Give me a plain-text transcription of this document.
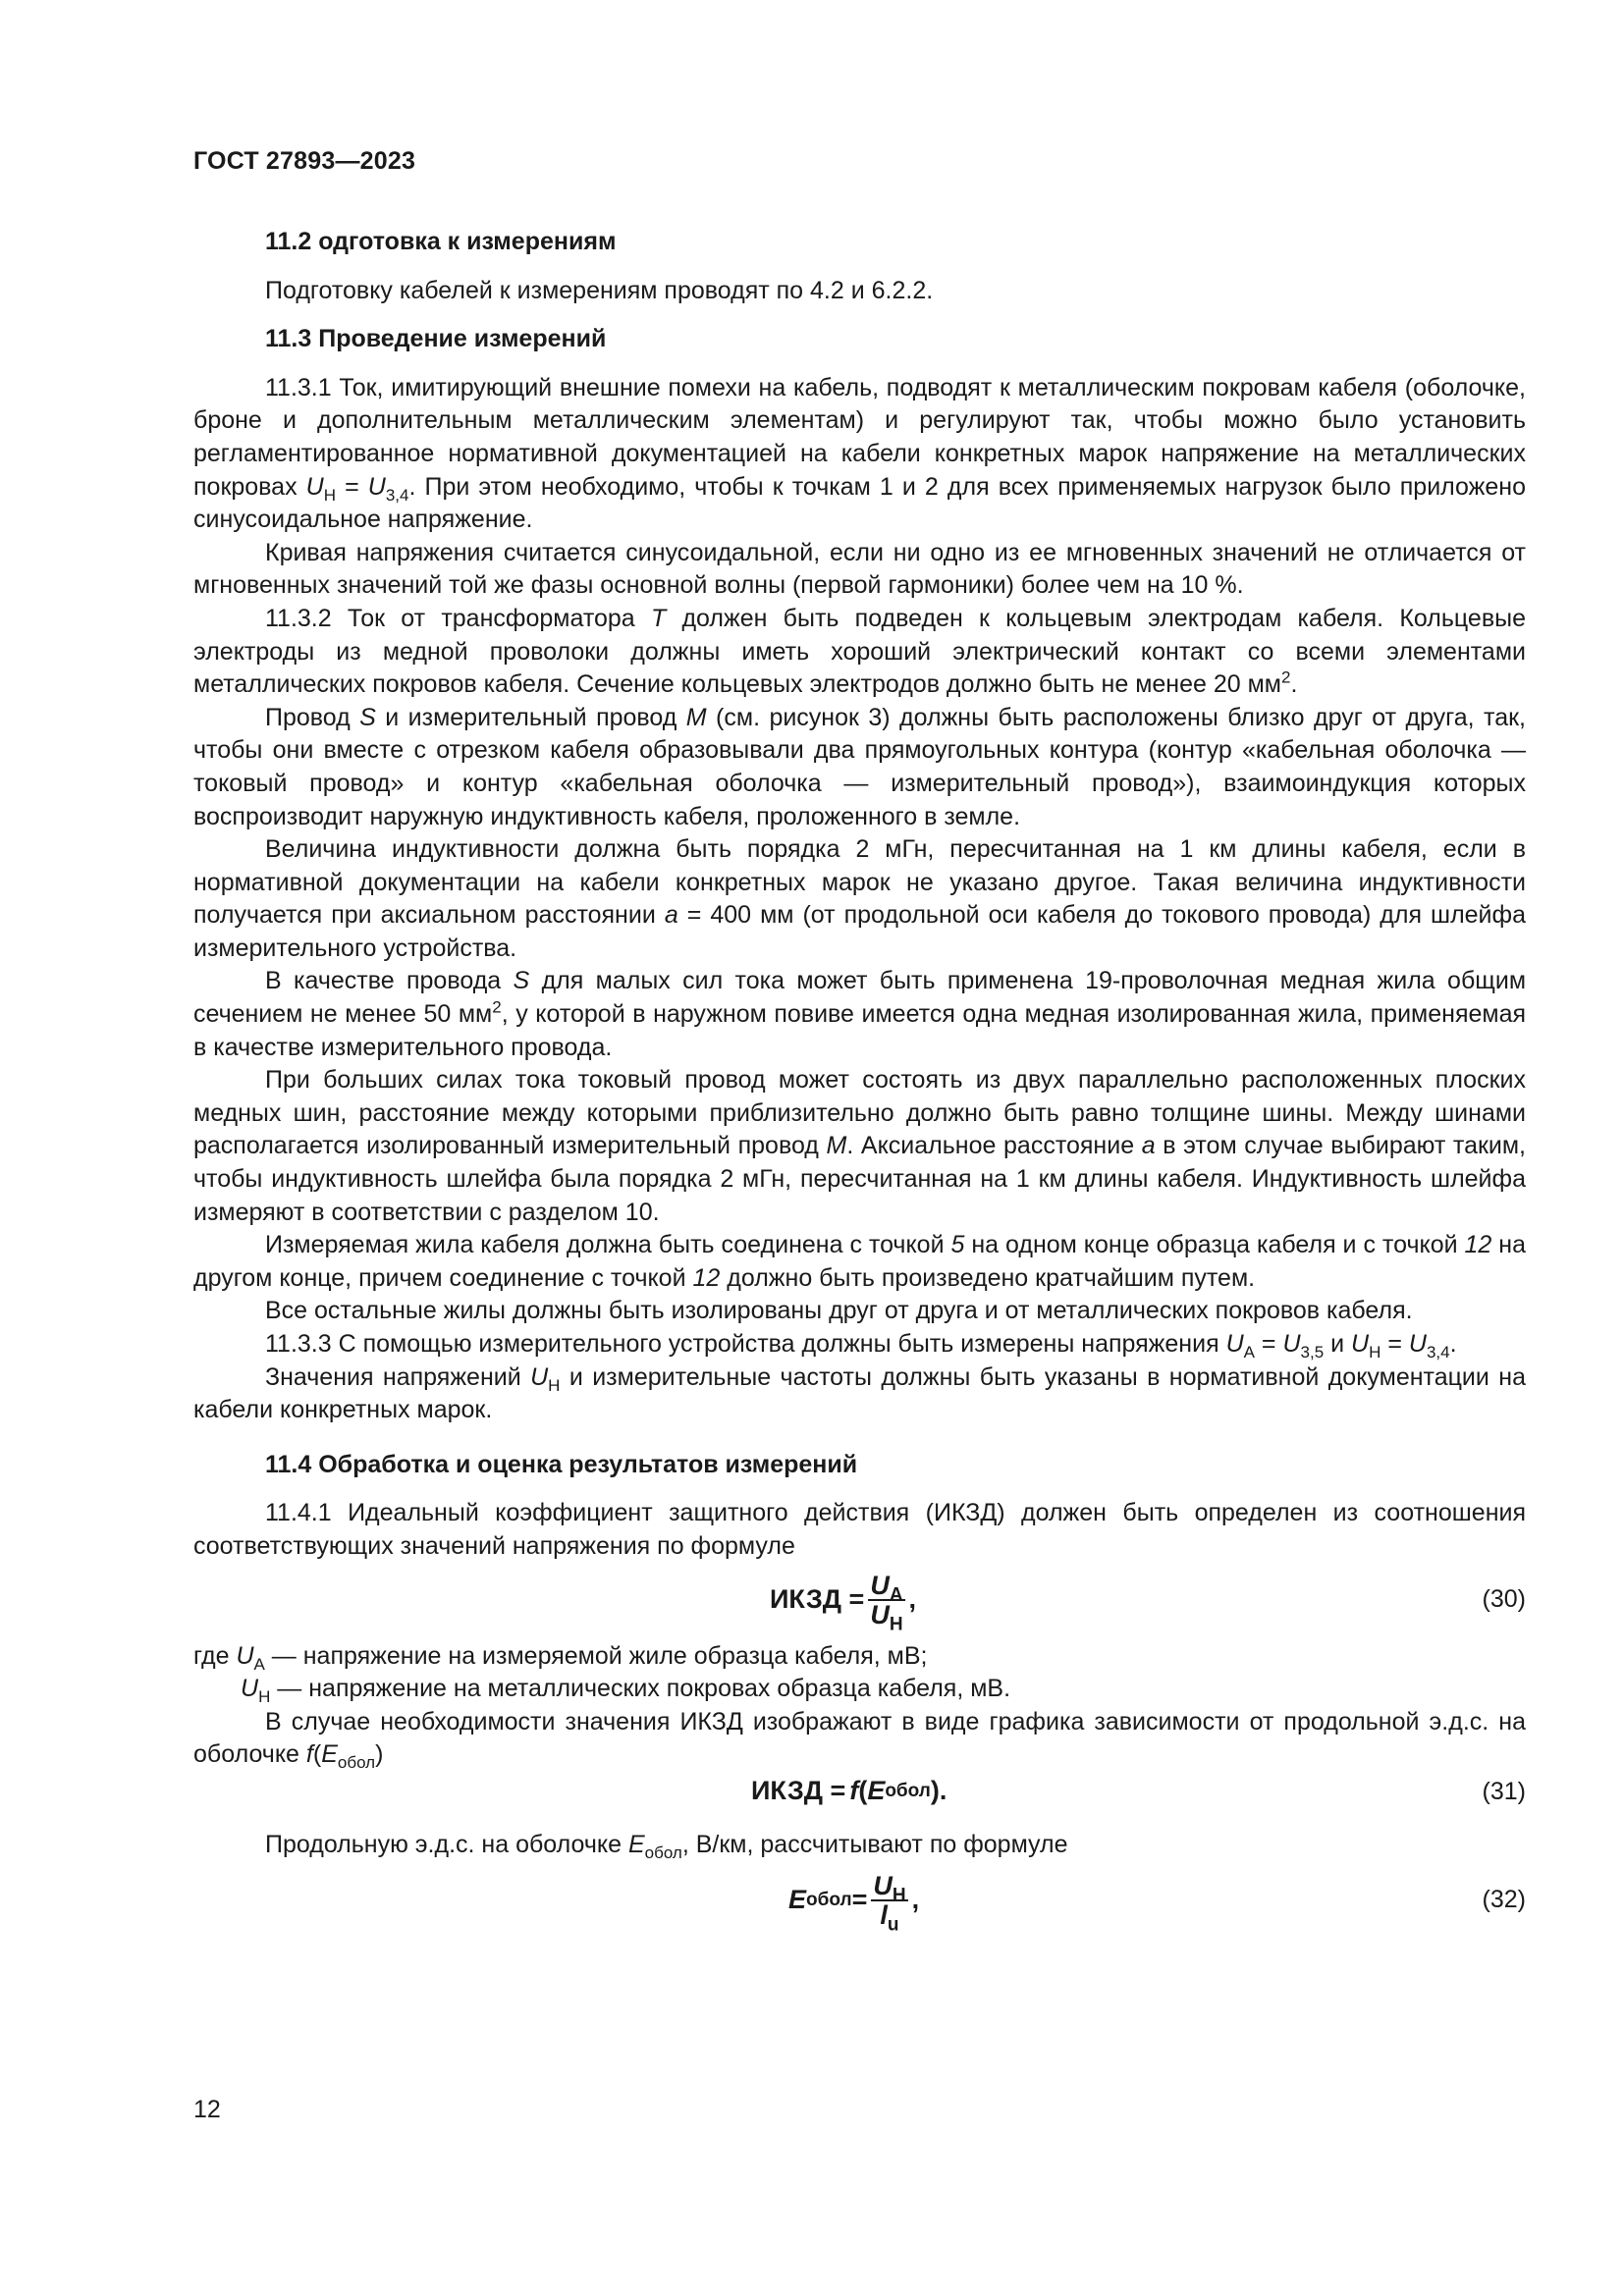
ГОСТ 27893—2023
11.2 одготовка к измерениям

Подготовку кабелей к измерениям проводят по 4.2 и 6.2.2.

11.3 Проведение измерений

11.3.1 Ток, имитирующий внешние помехи на кабель, подводят к металлическим покровам кабеля (оболочке, броне и дополнительным металлическим элементам) и регулируют так, чтобы можно было установить регламентированное нормативной документацией на кабели конкретных марок напряжение на металлических покровах $U_Н = U_{3,4}$. При этом необходимо, чтобы к точкам 1 и 2 для всех применяемых нагрузок было приложено синусоидальное напряжение.

Кривая напряжения считается синусоидальной, если ни одно из ее мгновенных значений не отличается от мгновенных значений той же фазы основной волны (первой гармоники) более чем на 10 %.

11.3.2 Ток от трансформатора Т должен быть подведен к кольцевым электродам кабеля. Кольцевые электроды из медной проволоки должны иметь хороший электрический контакт со всеми элементами металлических покровов кабеля. Сечение кольцевых электродов должно быть не менее 20 $мм^2$.

Провод S и измерительный провод М (см. рисунок 3) должны быть расположены близко друг от друга, так, чтобы они вместе с отрезком кабеля образовывали два прямоугольных контура (контур «кабельная оболочка — токовый провод» и контур «кабельная оболочка — измерительный провод»), взаимоиндукция которых воспроизводит наружную индуктивность кабеля, проложенного в земле.

Величина индуктивности должна быть порядка 2 мГн, пересчитанная на 1 км длины кабеля, если в нормативной документации на кабели конкретных марок не указано другое. Такая величина индуктивности получается при аксиальном расстоянии а = 400 мм (от продольной оси кабеля до токового провода) для шлейфа измерительного устройства.

В качестве провода S для малых сил тока может быть применена 19-проволочная медная жила общим сечением не менее 50 $мм^2$, у которой в наружном повиве имеется одна медная изолированная жила, применяемая в качестве измерительного провода.

При больших силах тока токовый провод может состоять из двух параллельно расположенных плоских медных шин, расстояние между которыми приблизительно должно быть равно толщине шины. Между шинами располагается изолированный измерительный провод М. Аксиальное расстояние а в этом случае выбирают таким, чтобы индуктивность шлейфа была порядка 2 мГн, пересчитанная на 1 км длины кабеля. Индуктивность шлейфа измеряют в соответствии с разделом 10.

Измеряемая жила кабеля должна быть соединена с точкой 5 на одном конце образца кабеля и с точкой 12 на другом конце, причем соединение с точкой 12 должно быть произведено кратчайшим путем.

Все остальные жилы должны быть изолированы друг от друга и от металлических покровов кабеля.

11.3.3 С помощью измерительного устройства должны быть измерены напряжения $U_А = U_{3,5}$ и $U_Н = U_{3,4}$.

Значения напряжений $U_Н$ и измерительные частоты должны быть указаны в нормативной документации на кабели конкретных марок.

11.4 Обработка и оценка результатов измерений

11.4.1 Идеальный коэффициент защитного действия (ИКЗД) должен быть определен из соотношения соответствующих значений напряжения по формуле

ИКЗД = $\frac{U_А}{U_Н}$ ,	(30)

где $U_А$ — напряжение на измеряемой жиле образца кабеля, мВ;

$U_Н$ — напряжение на металлических покровах образца кабеля, мВ.

В случае необходимости значения ИКЗД изображают в виде графика зависимости от продольной э.д.с. на оболочке $f(E_{обол})$

ИКЗД = f ( E обол ).	(31)

Продольную э.д.с. на оболочке $E_{обол}$, В/км, рассчитывают по формуле

E обол = $\frac{U_Н}{l_u}$ ,	(32)
12
